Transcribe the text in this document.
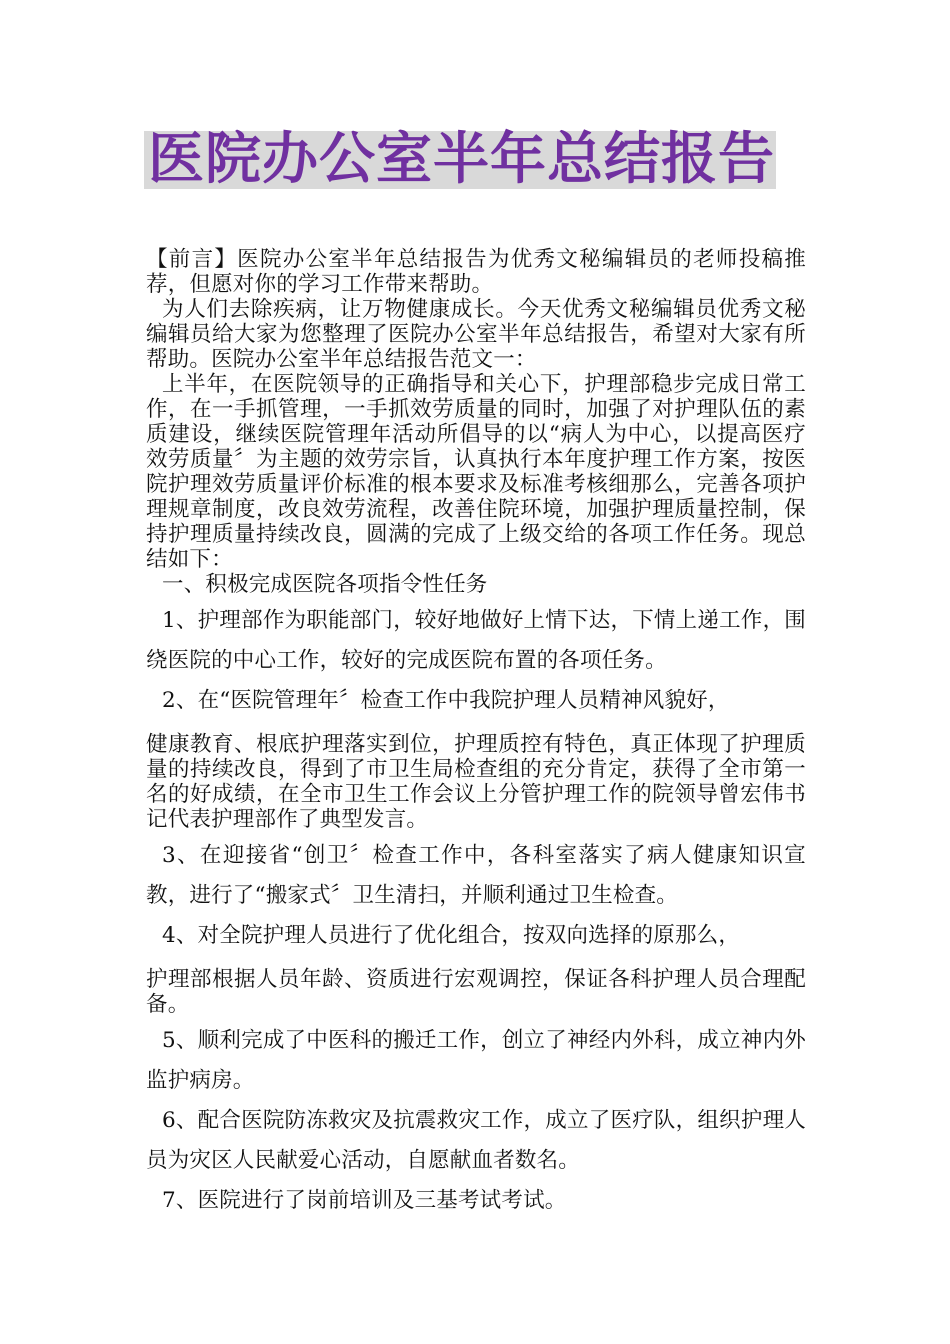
医院办公室半年总结报告

【前言】医院办公室半年总结报告为优秀文秘编辑员的老师投稿推荐，但愿对你的学习工作带来帮助。

为人们去除疾病，让万物健康成长。今天优秀文秘编辑员优秀文秘编辑员给大家为您整理了医院办公室半年总结报告，希望对大家有所帮助。医院办公室半年总结报告范文一：

上半年，在医院领导的正确指导和关心下，护理部稳步完成日常工作，在一手抓管理，一手抓效劳质量的同时，加强了对护理队伍的素质建设，继续医院管理年活动所倡导的以“病人为中心，以提高医疗效劳质量〞为主题的效劳宗旨，认真执行本年度护理工作方案，按医院护理效劳质量评价标准的根本要求及标准考核细那么，完善各项护理规章制度，改良效劳流程，改善住院环境，加强护理质量控制，保持护理质量持续改良，圆满的完成了上级交给的各项工作任务。现总结如下：

一、积极完成医院各项指令性任务

1、护理部作为职能部门，较好地做好上情下达，下情上递工作，围绕医院的中心工作，较好的完成医院布置的各项任务。

2、在“医院管理年〞检查工作中我院护理人员精神风貌好，

健康教育、根底护理落实到位，护理质控有特色，真正体现了护理质量的持续改良，得到了市卫生局检查组的充分肯定，获得了全市第一名的好成绩，在全市卫生工作会议上分管护理工作的院领导曾宏伟书记代表护理部作了典型发言。

3、在迎接省“创卫〞检查工作中，各科室落实了病人健康知识宣教，进行了“搬家式〞卫生清扫，并顺利通过卫生检查。

4、对全院护理人员进行了优化组合，按双向选择的原那么，

护理部根据人员年龄、资质进行宏观调控，保证各科护理人员合理配备。

5、顺利完成了中医科的搬迁工作，创立了神经内外科，成立神内外监护病房。

6、配合医院防冻救灾及抗震救灾工作，成立了医疗队，组织护理人员为灾区人民献爱心活动，自愿献血者数名。

7、医院进行了岗前培训及三基考试考试。
